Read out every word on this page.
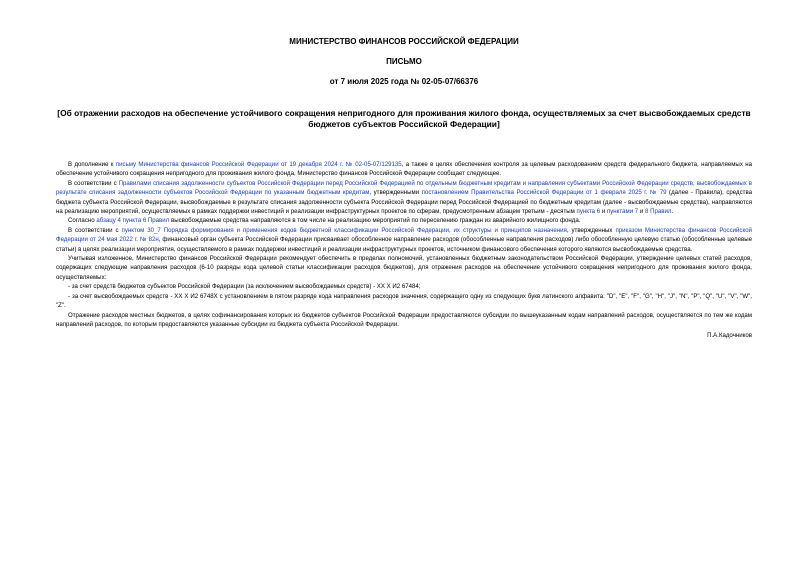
МИНИСТЕРСТВО ФИНАНСОВ РОССИЙСКОЙ ФЕДЕРАЦИИ
ПИСЬМО
от 7 июля 2025 года № 02-05-07/66376
[Об отражении расходов на обеспечение устойчивого сокращения непригодного для проживания жилого фонда, осуществляемых за счет высвобождаемых средств бюджетов субъектов Российской Федерации]

В дополнение к письму Министерства финансов Российской Федерации от 19 декабря 2024 г. № 02-05-07/129135, а также в целях обеспечения контроля за целевым расходованием средств федерального бюджета, направляемых на обеспечение устойчивого сокращения непригодного для проживания жилого фонда, Министерство финансов Российской Федерации сообщает следующее.

В соответствии с Правилами списания задолженности субъектов Российской Федерации перед Российской Федерацией по отдельным бюджетным кредитам и направления субъектами Российской Федерации средств, высвобождаемых в результате списания задолженности субъектов Российской Федерации по указанным бюджетным кредитам, утвержденными постановлением Правительства Российской Федерации от 1 февраля 2025 г. № 79 (далее - Правила), средства бюджета субъекта Российской Федерации, высвобождаемые в результате списания задолженности субъекта Российской Федерации перед Российской Федерацией по бюджетным кредитам (далее - высвобождаемые средства), направляются на реализацию мероприятий, осуществляемых в рамках поддержки инвестиций и реализации инфраструктурных проектов по сферам, предусмотренным абзацем третьим - десятым пункта 6 и пунктами 7 и 8 Правил.

Согласно абзацу 4 пункта 6 Правил высвобождаемые средства направляются в том числе на реализацию мероприятий по переселению граждан из аварийного жилищного фонда.

В соответствии с пунктом 30_7 Порядка формирования и применения кодов бюджетной классификации Российской Федерации, их структуры и принципов назначения, утвержденных приказом Министерства финансов Российской Федерации от 24 мая 2022 г. № 82н, финансовый орган субъекта Российской Федерации присваивает обособленное направление расходов (обособленные направления расходов) либо обособленную целевую статью (обособленные целевые статьи) в целях реализации мероприятия, осуществляемого в рамках поддержки инвестиций и реализации инфраструктурных проектов, источником финансового обеспечения которого являются высвобождаемые средства.

Учитывая изложенное, Министерство финансов Российской Федерации рекомендует обеспечить в пределах полномочий, установленных бюджетным законодательством Российской Федерации, утверждение целевых статей расходов, содержащих следующие направления расходов (6-10 разряды кода целевой статьи классификации расходов бюджетов), для отражения расходов на обеспечение устойчивого сокращения непригодного для проживания жилого фонда, осуществляемых:

- за счет средств бюджетов субъектов Российской Федерации (за исключением высвобождаемых средств) - ХХ Х И2 67484;

- за счет высвобождаемых средств - ХХ Х И2 6748Х с установлением в пятом разряде кода направления расходов значения, содержащего одну из следующих букв латинского алфавита: "D", "E", "F", "G", "H", "J", "N", "P", "Q", "U", "V", "W", "Z".

Отражение расходов местных бюджетов, в целях софинансирования которых из бюджетов субъектов Российской Федерации предоставляются субсидии по вышеуказанным кодам направлений расходов, осуществляется по тем же кодам направлений расходов, по которым предоставляются указанные субсидии из бюджета субъекта Российской Федерации.

П.А.Кадочников
